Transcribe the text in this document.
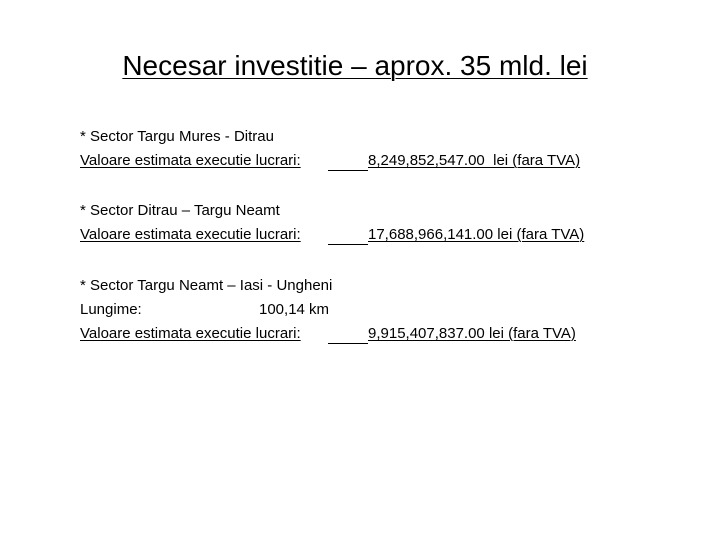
Necesar investitie – aprox. 35 mld. lei
* Sector Targu Mures - Ditrau
Valoare estimata executie lucrari:	8,249,852,547.00  lei (fara TVA)
* Sector Ditrau – Targu Neamt
Valoare estimata executie lucrari:	17,688,966,141.00 lei (fara TVA)
* Sector Targu Neamt – Iasi - Ungheni
Lungime:	100,14 km
Valoare estimata executie lucrari:	9,915,407,837.00 lei (fara TVA)
